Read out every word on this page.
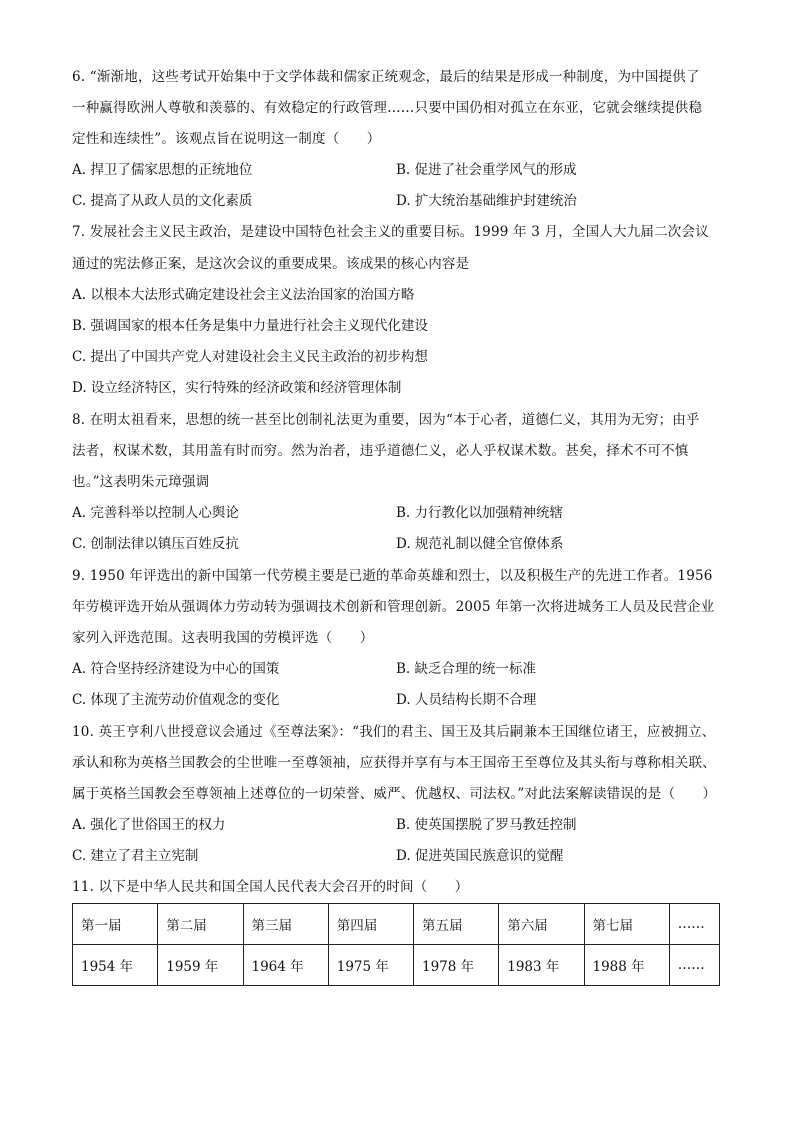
6. “渐渐地，这些考试开始集中于文学体裁和儒家正统观念，最后的结果是形成一种制度，为中国提供了
一种赢得欧洲人尊敬和羡慕的、有效稳定的行政管理……只要中国仍相对孤立在东亚，它就会继续提供稳
定性和连续性”。该观点旨在说明这一制度（　　）
A. 捍卫了儒家思想的正统地位	B. 促进了社会重学风气的形成
C. 提高了从政人员的文化素质	D. 扩大统治基础维护封建统治
7. 发展社会主义民主政治，是建设中国特色社会主义的重要目标。1999 年 3 月，全国人大九届二次会议
通过的宪法修正案，是这次会议的重要成果。该成果的核心内容是
A. 以根本大法形式确定建设社会主义法治国家的治国方略
B. 强调国家的根本任务是集中力量进行社会主义现代化建设
C. 提出了中国共产党人对建设社会主义民主政治的初步构想
D. 设立经济特区，实行特殊的经济政策和经济管理体制
8. 在明太祖看来，思想的统一甚至比创制礼法更为重要，因为“本于心者，道德仁义，其用为无穷；由乎
法者，权谋术数，其用盖有时而穷。然为治者，违乎道德仁义，必人乎权谋术数。甚矣，择术不可不慎
也。”这表明朱元璋强调
A. 完善科举以控制人心舆论	B. 力行教化以加强精神统辖
C. 创制法律以镇压百姓反抗	D. 规范礼制以健全官僚体系
9. 1950 年评选出的新中国第一代劳模主要是已逝的革命英雄和烈士，以及积极生产的先进工作者。1956
年劳模评选开始从强调体力劳动转为强调技术创新和管理创新。2005 年第一次将进城务工人员及民营企业
家列入评选范围。这表明我国的劳模评选（　　）
A. 符合坚持经济建设为中心的国策	B. 缺乏合理的统一标准
C. 体现了主流劳动价值观念的变化	D. 人员结构长期不合理
10. 英王亨利八世授意议会通过《至尊法案》：“我们的君主、国王及其后嗣兼本王国继位诸王，应被拥立、
承认和称为英格兰国教会的尘世唯一至尊领袖，应获得并享有与本王国帝王至尊位及其头衔与尊称相关联、
属于英格兰国教会至尊领袖上述尊位的一切荣誉、威严、优越权、司法权。”对此法案解读错误的是（　　）
A. 强化了世俗国王的权力	B. 使英国摆脱了罗马教廷控制
C. 建立了君主立宪制	D. 促进英国民族意识的觉醒
11. 以下是中华人民共和国全国人民代表大会召开的时间（　　）
第一届	第二届	第三届	第四届	第五届	第六届	第七届	……
1954 年	1959 年	1964 年	1975 年	1978 年	1983 年	1988 年	……
